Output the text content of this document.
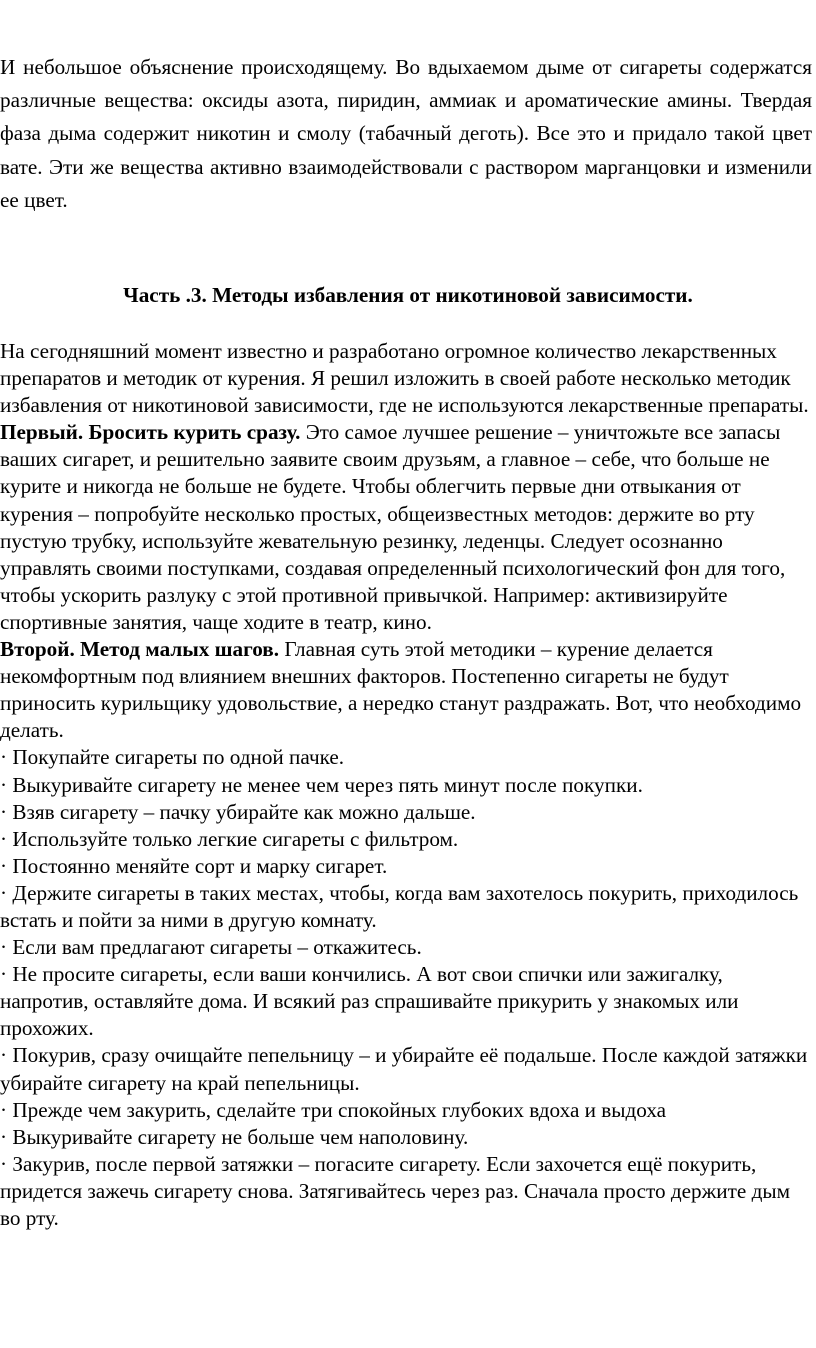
И небольшое объяснение происходящему. Во вдыхаемом дыме от сигареты содержатся различные вещества: оксиды азота, пиридин, аммиак и ароматические амины. Твердая фаза дыма содержит никотин и смолу (табачный деготь). Все это и придало такой цвет вате. Эти же вещества активно взаимодействовали с раствором марганцовки и изменили ее цвет.

Часть .3. Методы избавления от никотиновой зависимости.

На сегодняшний момент известно и разработано огромное количество лекарственных препаратов и методик от курения. Я решил изложить в своей работе несколько методик избавления от никотиновой зависимости, где не используются лекарственные препараты.

Первый. Бросить курить сразу. Это самое лучшее решение – уничтожьте все запасы ваших сигарет, и решительно заявите своим друзьям, а главное – себе, что больше не курите и никогда не больше не будете. Чтобы облегчить первые дни отвыкания от курения – попробуйте несколько простых, общеизвестных методов: держите во рту пустую трубку, используйте жевательную резинку, леденцы. Следует осознанно управлять своими поступками, создавая определенный психологический фон для того, чтобы ускорить разлуку с этой противной привычкой. Например: активизируйте спортивные занятия, чаще ходите в театр, кино.

Второй. Метод малых шагов. Главная суть этой методики – курение делается некомфортным под влиянием внешних факторов. Постепенно сигареты не будут приносить курильщику удовольствие, а нередко станут раздражать. Вот, что необходимо делать.

· Покупайте сигареты по одной пачке.

· Выкуривайте сигарету не менее чем через пять минут после покупки.

· Взяв сигарету – пачку убирайте как можно дальше.

· Используйте только легкие сигареты с фильтром.

· Постоянно меняйте сорт и марку сигарет.

· Держите сигареты в таких местах, чтобы, когда вам захотелось покурить, приходилось встать и пойти за ними в другую комнату.

· Если вам предлагают сигареты – откажитесь.

· Не просите сигареты, если ваши кончились. А вот свои спички или зажигалку, напротив, оставляйте дома. И всякий раз спрашивайте прикурить у знакомых или прохожих.

· Покурив, сразу очищайте пепельницу – и убирайте её подальше. После каждой затяжки убирайте сигарету на край пепельницы.

· Прежде чем закурить, сделайте три спокойных глубоких вдоха и выдоха

· Выкуривайте сигарету не больше чем наполовину.

· Закурив, после первой затяжки – погасите сигарету. Если захочется ещё покурить, придется зажечь сигарету снова. Затягивайтесь через раз. Сначала просто держите дым во рту.
